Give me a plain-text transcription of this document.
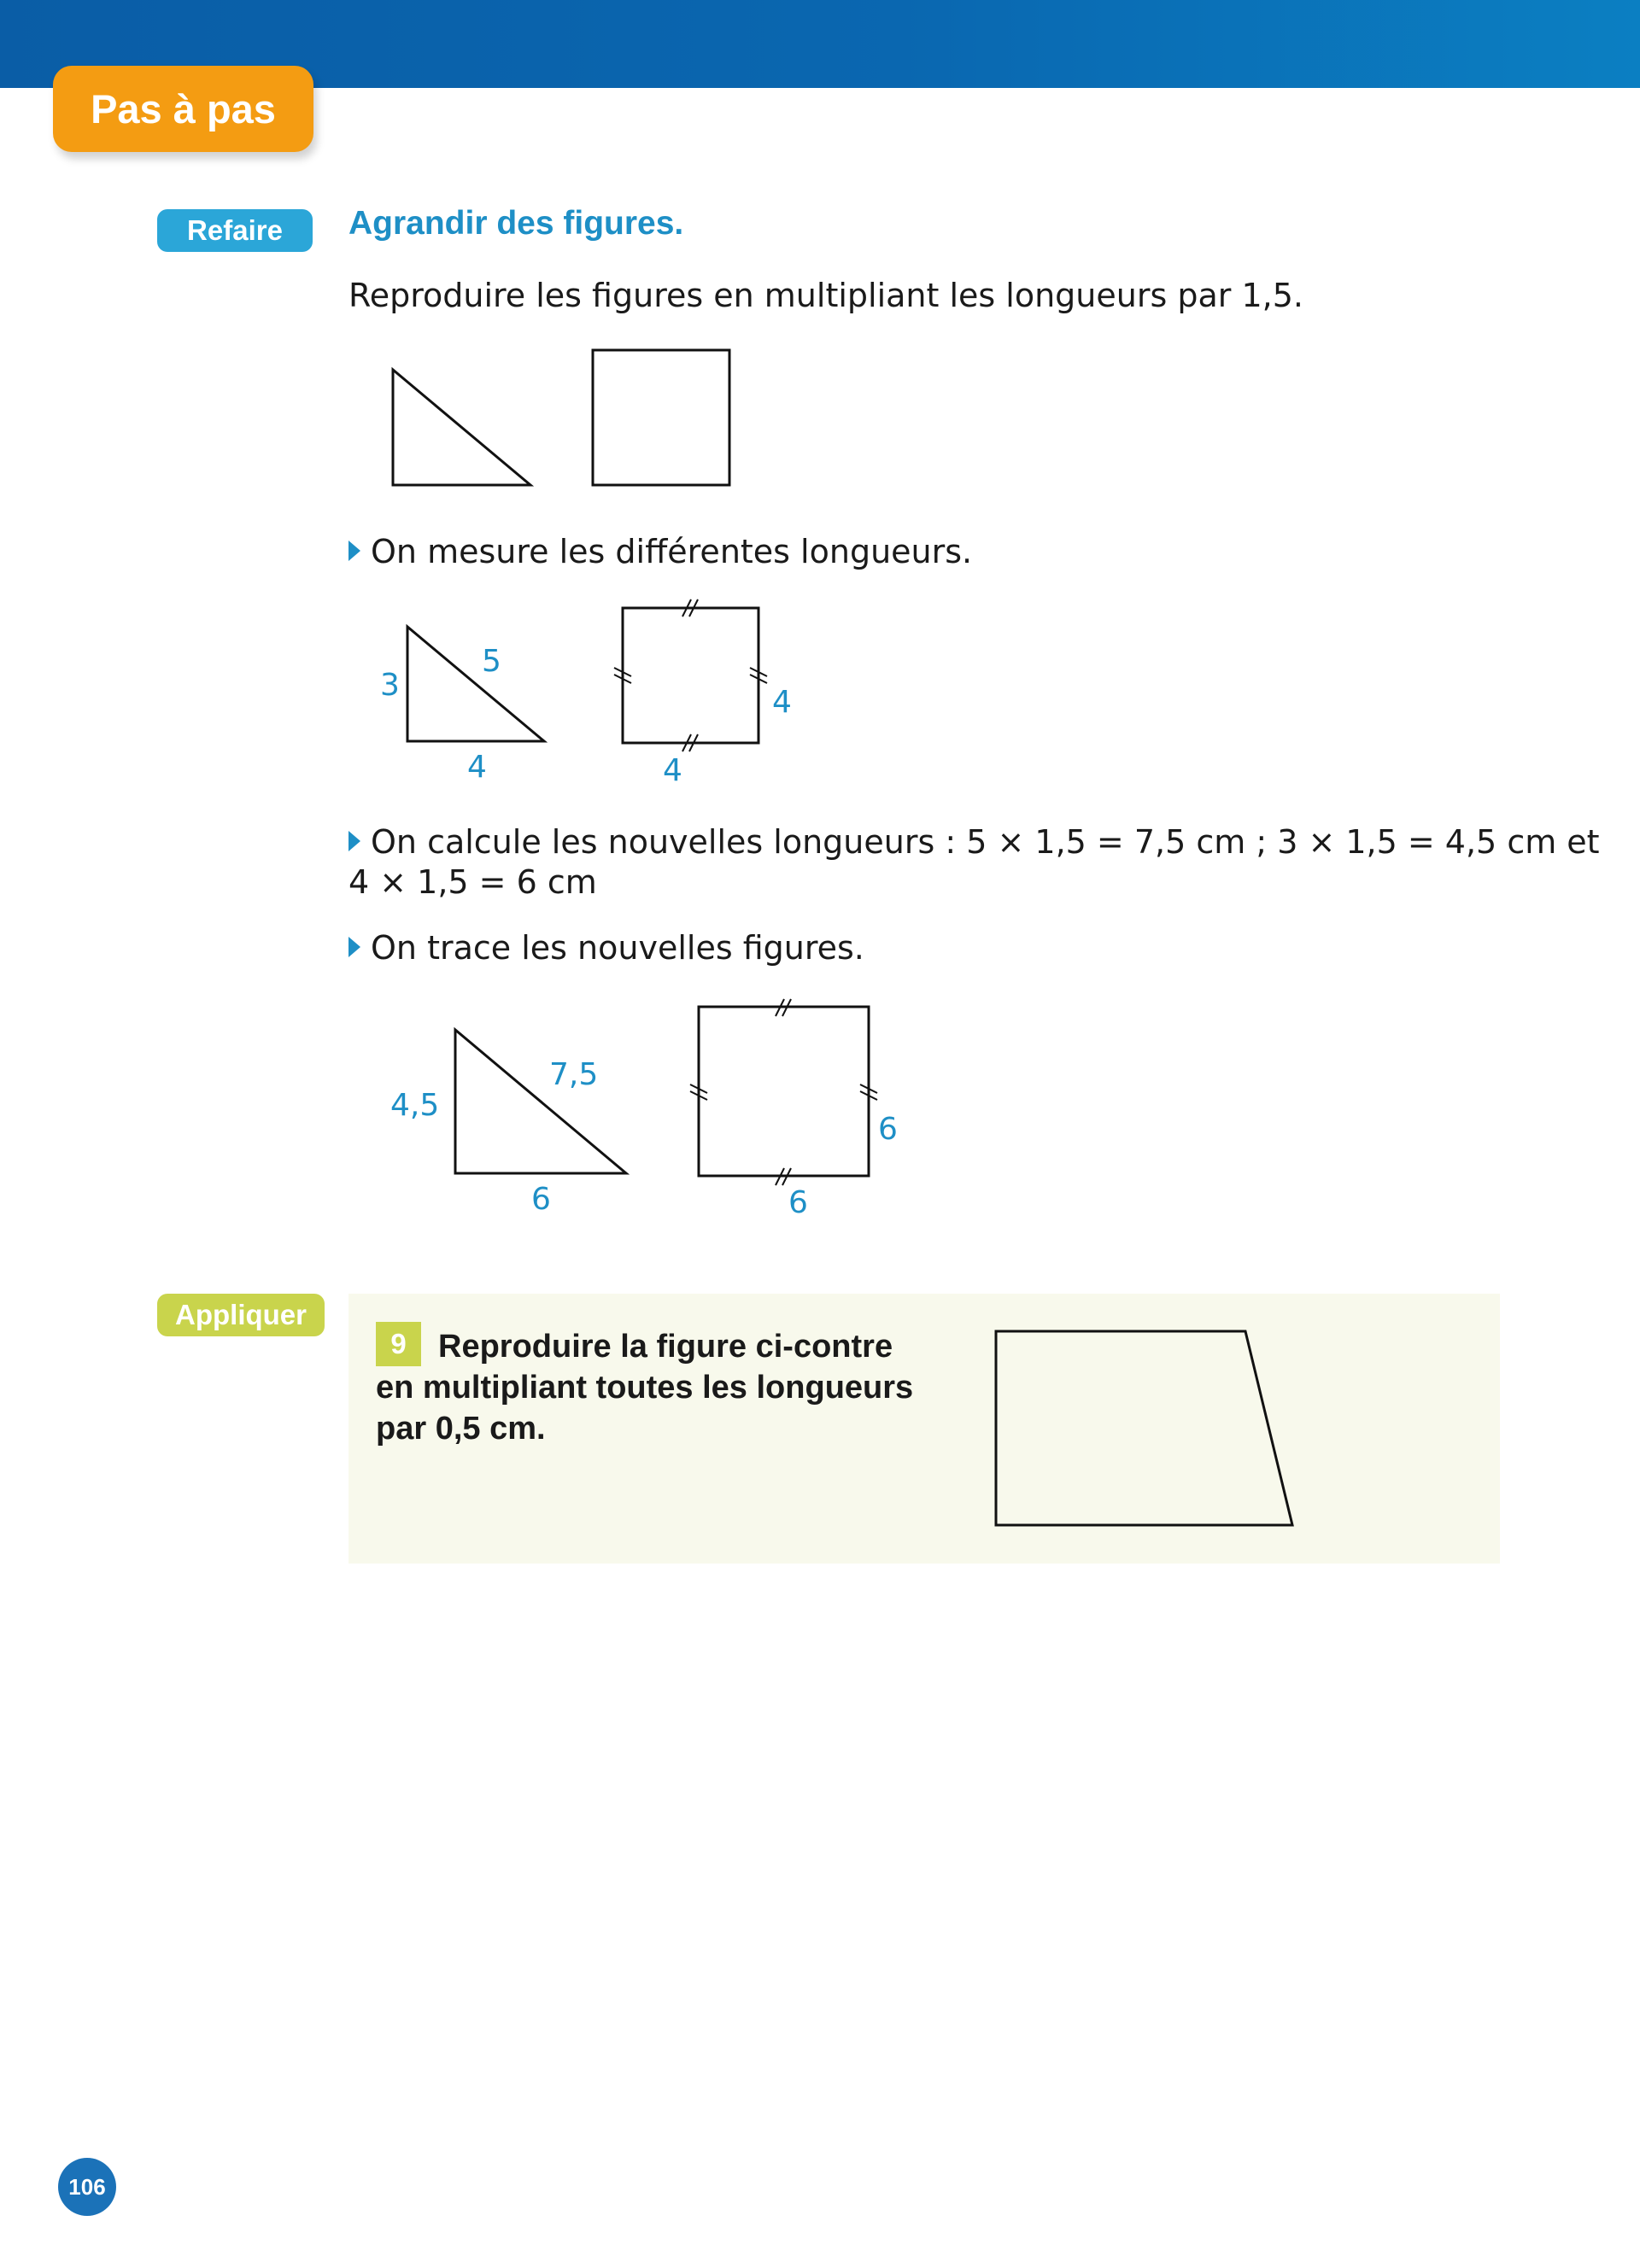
Pas à pas
Refaire	Agrandir des figures.
Reproduire les figures en multipliant les longueurs par 1,5.
On mesure les différentes longueurs.
5
3
4
4
4
7,5
4,5
6
6
6
On calcule les nouvelles longueurs : 5 × 1,5 = 7,5 cm ; 3 × 1,5 = 4,5 cm et
4 × 1,5 = 6 cm
On trace les nouvelles figures.
Appliquer
Reproduire la figure ci-contre en multipliant toutes les longueurs par 0,5 cm.
9
106
